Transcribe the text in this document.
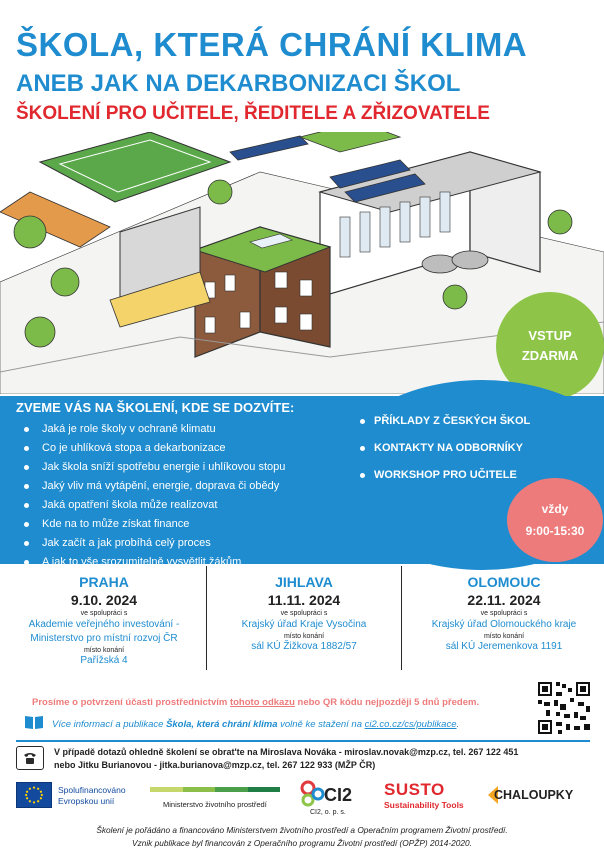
ŠKOLA, KTERÁ CHRÁNÍ KLIMA
ANEB JAK NA DEKARBONIZACI ŠKOL
ŠKOLENÍ PRO UČITELE, ŘEDITELE A ZŘIZOVATELE
VSTUP
ZDARMA
ZVEME VÁS NA ŠKOLENÍ, KDE SE DOZVÍTE:
Jaká je role školy v ochraně klimatu
Co je uhlíková stopa a dekarbonizace
Jak škola sníží spotřebu energie i uhlíkovou stopu
Jaký vliv má vytápění, energie, doprava či obědy
Jaká opatření škola může realizovat
Kde na to může získat finance
Jak začít a jak probíhá celý proces
A jak to vše srozumitelně vysvětlit žákům
PŘÍKLADY Z ČESKÝCH ŠKOL
KONTAKTY NA ODBORNÍKY
WORKSHOP PRO UČITELE
vždy
9:00-15:30
PRAHA
9.10. 2024
ve spolupráci s
Akademie veřejného investování -
Ministerstvo pro místní rozvoj ČR
místo konání
Pařížská 4
JIHLAVA
11.11. 2024
ve spolupráci s
Krajský úřad Kraje Vysočina
místo konání
sál KÚ Žižkova 1882/57
OLOMOUC
22.11. 2024
ve spolupráci s
Krajský úřad Olomouckého kraje
místo konání
sál KÚ Jeremenkova 1191
Prosíme o potvrzení účasti prostřednictvím tohoto odkazu nebo QR kódu nejpozději 5 dnů předem.
Více informací a publikace Škola, která chrání klima volně ke stažení na ci2.co.cz/cs/publikace.
V případě dotazů ohledně školení se obrat'te na Miroslava Nováka - miroslav.novak@mzp.cz, tel. 267 122 451
nebo Jitku Burianovou - jitka.burianova@mzp.cz, tel. 267 122 933 (MŽP ČR)
Spolufinancováno
Evropskou unií	Ministerstvo životního prostředí	CI2
CI2, o. p. s.
SUSTO
Sustainability Tools
CHALOUPKY
Školení je pořádáno a financováno Ministerstvem životního prostředí a Operačním programem Životní prostředí.
Vznik publikace byl financován z Operačního programu Životní prostředí (OPŽP) 2014-2020.
